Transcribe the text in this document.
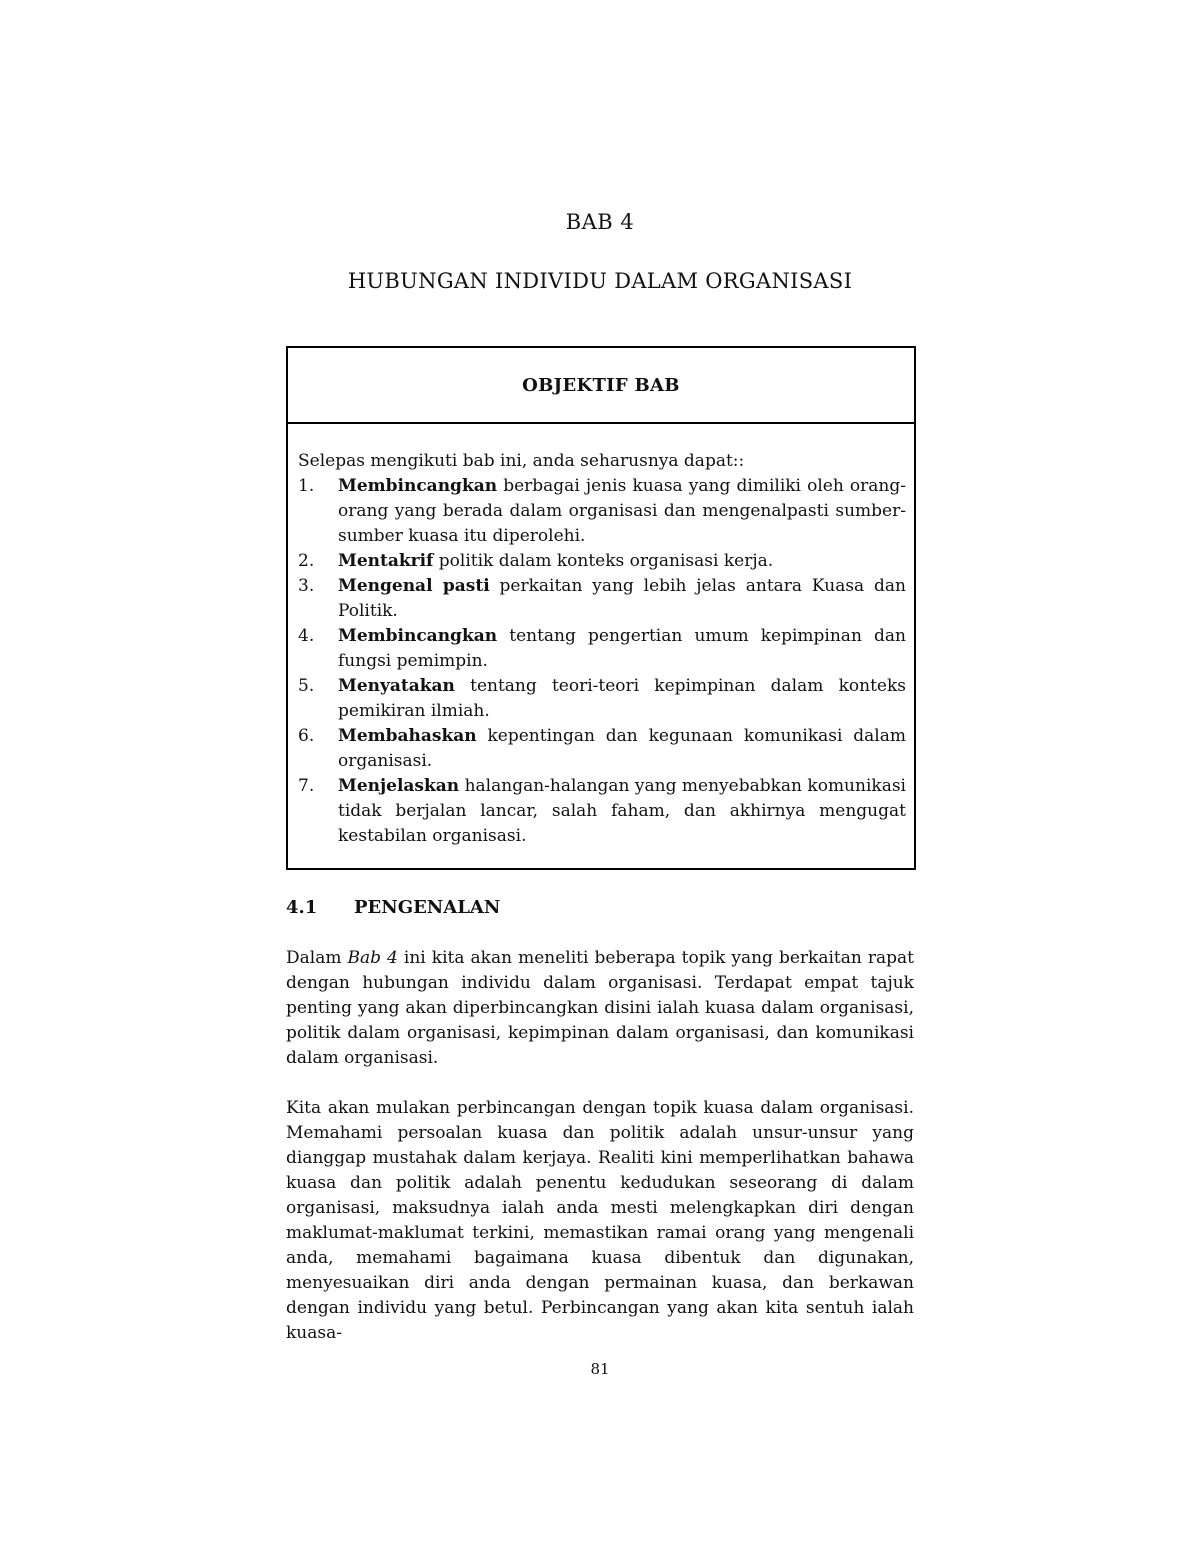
BAB 4
HUBUNGAN INDIVIDU DALAM ORGANISASI
OBJEKTIF BAB

Selepas mengikuti bab ini, anda seharusnya dapat::

1.	Membincangkan berbagai jenis kuasa yang dimiliki oleh orang-orang yang berada dalam organisasi dan mengenalpasti sumber-sumber kuasa itu diperolehi.
2.	Mentakrif politik dalam konteks organisasi kerja.
3.	Mengenal pasti perkaitan yang lebih jelas antara Kuasa dan Politik.
4.	Membincangkan tentang pengertian umum kepimpinan dan fungsi pemimpin.
5.	Menyatakan tentang teori-teori kepimpinan dalam konteks pemikiran ilmiah.
6.	Membahaskan kepentingan dan kegunaan komunikasi dalam organisasi.
7.	Menjelaskan halangan-halangan yang menyebabkan komunikasi tidak berjalan lancar, salah faham, dan akhirnya mengugat kestabilan organisasi.
4.1 PENGENALAN

Dalam Bab 4 ini kita akan meneliti beberapa topik yang berkaitan rapat dengan hubungan individu dalam organisasi. Terdapat empat tajuk penting yang akan diperbincangkan disini ialah kuasa dalam organisasi, politik dalam organisasi, kepimpinan dalam organisasi, dan komunikasi dalam organisasi.

Kita akan mulakan perbincangan dengan topik kuasa dalam organisasi. Memahami persoalan kuasa dan politik adalah unsur-unsur yang dianggap mustahak dalam kerjaya. Realiti kini memperlihatkan bahawa kuasa dan politik adalah penentu kedudukan seseorang di dalam organisasi, maksudnya ialah anda mesti melengkapkan diri dengan maklumat-maklumat terkini, memastikan ramai orang yang mengenali anda, memahami bagaimana kuasa dibentuk dan digunakan, menyesuaikan diri anda dengan permainan kuasa, dan berkawan dengan individu yang betul. Perbincangan yang akan kita sentuh ialah kuasa-

81
